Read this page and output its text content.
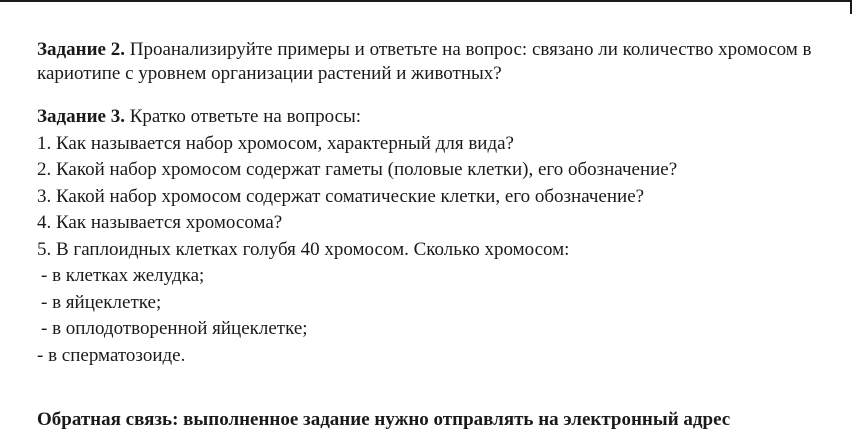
Задание 2. Проанализируйте примеры и ответьте на вопрос: связано ли количество хромосом в

кариотипе с уровнем организации растений и животных?

Задание 3. Кратко ответьте на вопросы:

1. Как называется набор хромосом, характерный для вида?

2. Какой набор хромосом содержат гаметы (половые клетки), его обозначение?

3. Какой набор хромосом содержат соматические клетки, его обозначение?

4. Как называется хромосома?

5. В гаплоидных клетках голубя 40 хромосом. Сколько хромосом:

- в клетках желудка;

- в яйцеклетке;

- в оплодотворенной яйцеклетке;

- в сперматозоиде.

Обратная связь: выполненное задание нужно отправлять на электронный адрес
